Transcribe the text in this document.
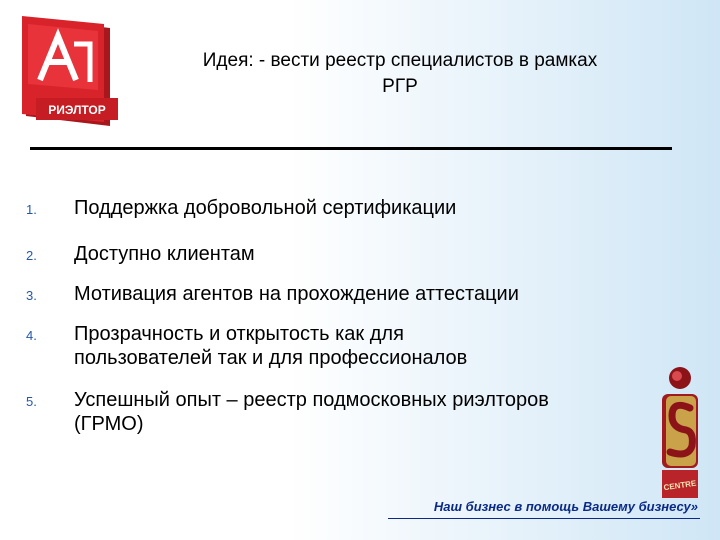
РИЭЛТОР
Идея: - вести реестр специалистов в рамках
РГР
1. Поддержка добровольной сертификации
2. Доступно клиентам
3. Мотивация агентов на прохождение аттестации
4. Прозрачность и открытость как для
пользователей так и для профессионалов
5. Успешный опыт – реестр подмосковных риэлторов
(ГРМО)
CENTRE
Наш бизнес в помощь Вашему бизнесу»
